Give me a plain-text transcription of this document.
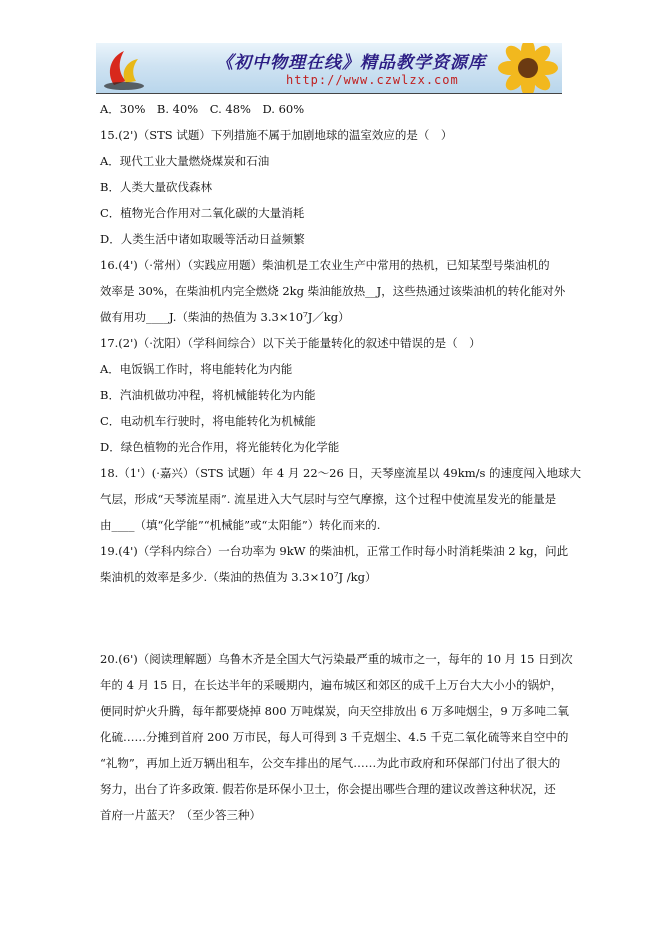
《初中物理在线》精品教学资源库
http://www.czwlzx.com
A．30%　B. 40%　C. 48%　D. 60%
15.(2')（STS 试题）下列措施不属于加剧地球的温室效应的是（　）
A．现代工业大量燃烧煤炭和石油
B．人类大量砍伐森林
C．植物光合作用对二氧化碳的大量消耗
D．人类生活中诸如取暖等活动日益频繁
16.(4')（·常州）（实践应用题）柴油机是工农业生产中常用的热机，已知某型号柴油机的
效率是 30%，在柴油机内完全燃烧 2kg 柴油能放热__J，这些热通过该柴油机的转化能对外
做有用功____J.（柴油的热值为 3.3×10⁷J／kg）
17.(2')（·沈阳）（学科间综合）以下关于能量转化的叙述中错误的是（　）
A．电饭锅工作时，将电能转化为内能
B．汽油机做功冲程，将机械能转化为内能
C．电动机车行驶时，将电能转化为机械能
D．绿色植物的光合作用，将光能转化为化学能
18.（1'）(·嘉兴）（STS 试题）年 4 月 22～26 日，天琴座流星以 49km/s 的速度闯入地球大
气层，形成“天琴流星雨”. 流星进入大气层时与空气摩擦，这个过程中使流星发光的能量是
由____（填“化学能”“机械能”或“太阳能”）转化而来的.
19.(4')（学科内综合）一台功率为 9kW 的柴油机，正常工作时每小时消耗柴油 2 kg，问此
柴油机的效率是多少.（柴油的热值为 3.3×10⁷J /kg）
20.(6')（阅读理解题）乌鲁木齐是全国大气污染最严重的城市之一，每年的 10 月 15 日到次
年的 4 月 15 日，在长达半年的采暖期内，遍布城区和郊区的成千上万台大大小小的锅炉，
便同时炉火升腾，每年都要烧掉 800 万吨煤炭，向天空排放出 6 万多吨烟尘，9 万多吨二氧
化硫……分摊到首府 200 万市民，每人可得到 3 千克烟尘、4.5 千克二氧化硫等来自空中的
“礼物”，再加上近万辆出租车，公交车排出的尾气……为此市政府和环保部门付出了很大的
努力，出台了许多政策. 假若你是环保小卫士，你会提出哪些合理的建议改善这种状况，还
首府一片蓝天？（至少答三种）
